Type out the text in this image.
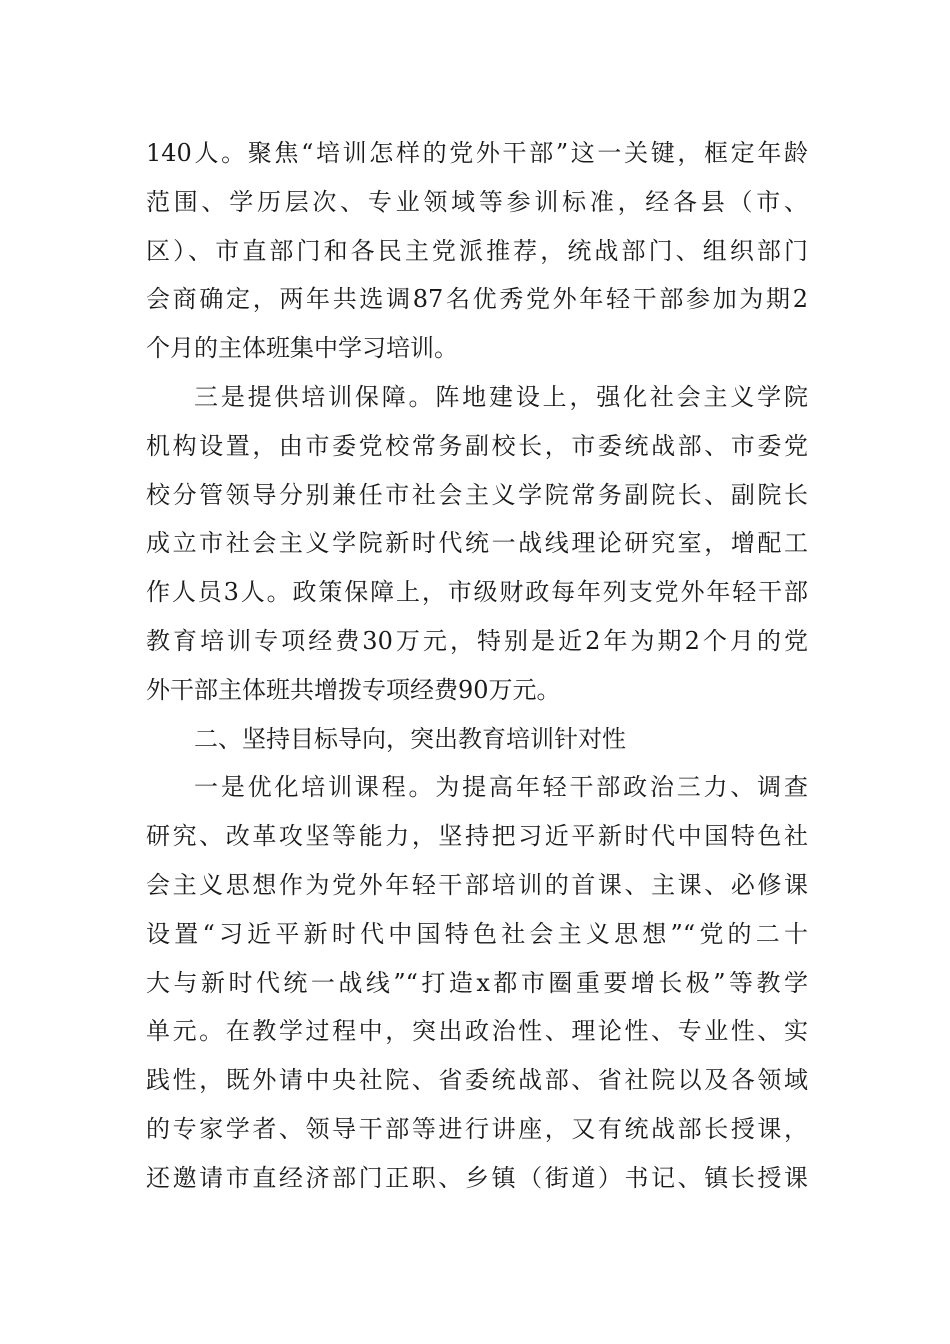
140人。聚焦“培训怎样的党外干部”这一关键，框定年龄
范围、学历层次、专业领域等参训标准，经各县（市、
区）、市直部门和各民主党派推荐，统战部门、组织部门
会商确定，两年共选调87名优秀党外年轻干部参加为期2
个月的主体班集中学习培训。
三是提供培训保障。阵地建设上，强化社会主义学院
机构设置，由市委党校常务副校长，市委统战部、市委党
校分管领导分别兼任市社会主义学院常务副院长、副院长
成立市社会主义学院新时代统一战线理论研究室，增配工
作人员3人。政策保障上，市级财政每年列支党外年轻干部
教育培训专项经费30万元，特别是近2年为期2个月的党
外干部主体班共增拨专项经费90万元。
二、坚持目标导向，突出教育培训针对性
一是优化培训课程。为提高年轻干部政治三力、调查
研究、改革攻坚等能力，坚持把习近平新时代中国特色社
会主义思想作为党外年轻干部培训的首课、主课、必修课
设置“习近平新时代中国特色社会主义思想”“党的二十
大与新时代统一战线”“打造x都市圈重要增长极”等教学
单元。在教学过程中，突出政治性、理论性、专业性、实
践性，既外请中央社院、省委统战部、省社院以及各领域
的专家学者、领导干部等进行讲座，又有统战部长授课，
还邀请市直经济部门正职、乡镇（街道）书记、镇长授课
